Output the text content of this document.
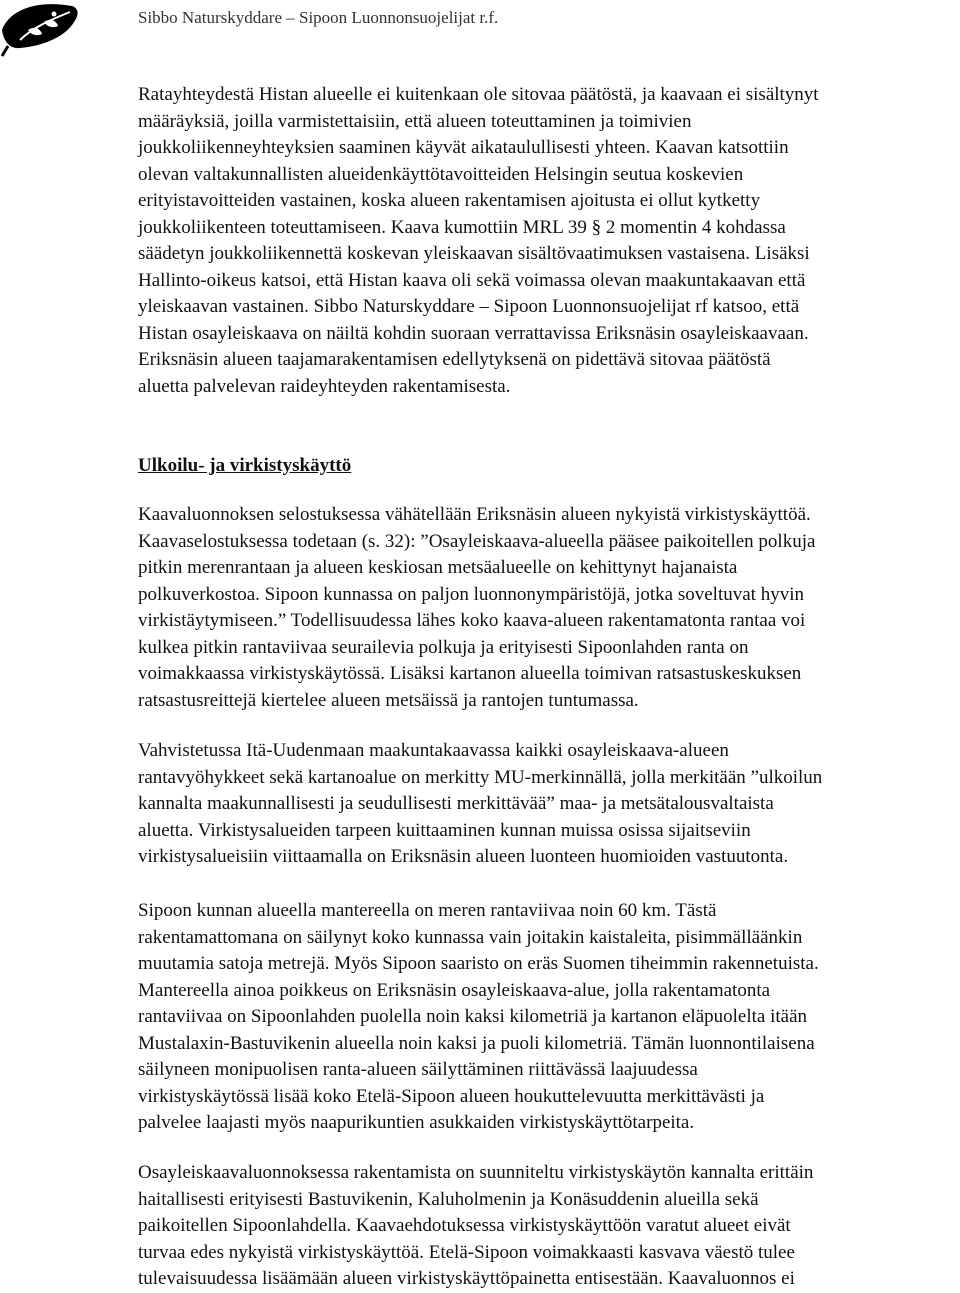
Sibbo Naturskyddare – Sipoon Luonnonsuojelijat r.f.

Ratayhteydestä Histan alueelle ei kuitenkaan ole sitovaa päätöstä, ja kaavaan ei sisältynyt
määräyksiä, joilla varmistettaisiin, että alueen toteuttaminen ja toimivien
joukkoliikenneyhteyksien saaminen käyvät aikataulullisesti yhteen. Kaavan katsottiin
olevan valtakunnallisten alueidenkäyttötavoitteiden Helsingin seutua koskevien
erityistavoitteiden vastainen, koska alueen rakentamisen ajoitusta ei ollut kytketty
joukkoliikenteen toteuttamiseen. Kaava kumottiin MRL 39 § 2 momentin 4 kohdassa
säädetyn joukkoliikennettä koskevan yleiskaavan sisältövaatimuksen vastaisena. Lisäksi
Hallinto-oikeus katsoi, että Histan kaava oli sekä voimassa olevan maakuntakaavan että
yleiskaavan vastainen. Sibbo Naturskyddare – Sipoon Luonnonsuojelijat rf katsoo, että
Histan osayleiskaava on näiltä kohdin suoraan verrattavissa Eriksnäsin osayleiskaavaan.
Eriksnäsin alueen taajamarakentamisen edellytyksenä on pidettävä sitovaa päätöstä
aluetta palvelevan raideyhteyden rakentamisesta.

Ulkoilu- ja virkistyskäyttö

Kaavaluonnoksen selostuksessa vähätellään Eriksnäsin alueen nykyistä virkistyskäyttöä.
Kaavaselostuksessa todetaan (s. 32): ”Osayleiskaava-alueella pääsee paikoitellen polkuja
pitkin merenrantaan ja alueen keskiosan metsäalueelle on kehittynyt hajanaista
polkuverkostoa. Sipoon kunnassa on paljon luonnonympäristöjä, jotka soveltuvat hyvin
virkistäytymiseen.” Todellisuudessa lähes koko kaava-alueen rakentamatonta rantaa voi
kulkea pitkin rantaviivaa seurailevia polkuja ja erityisesti Sipoonlahden ranta on
voimakkaassa virkistyskäytössä. Lisäksi kartanon alueella toimivan ratsastuskeskuksen
ratsastusreittejä kiertelee alueen metsäissä ja rantojen tuntumassa.

Vahvistetussa Itä-Uudenmaan maakuntakaavassa kaikki osayleiskaava-alueen
rantavyöhykkeet sekä kartanoalue on merkitty MU-merkinnällä, jolla merkitään ”ulkoilun
kannalta maakunnallisesti ja seudullisesti merkittävää” maa- ja metsätalousvaltaista
aluetta. Virkistysalueiden tarpeen kuittaaminen kunnan muissa osissa sijaitseviin
virkistysalueisiin viittaamalla on Eriksnäsin alueen luonteen huomioiden vastuutonta.

Sipoon kunnan alueella mantereella on meren rantaviivaa noin 60 km. Tästä
rakentamattomana on säilynyt koko kunnassa vain joitakin kaistaleita, pisimmälläänkin
muutamia satoja metrejä. Myös Sipoon saaristo on eräs Suomen tiheimmin rakennetuista.
Mantereella ainoa poikkeus on Eriksnäsin osayleiskaava-alue, jolla rakentamatonta
rantaviivaa on Sipoonlahden puolella noin kaksi kilometriä ja kartanon eläpuolelta itään
Mustalaxin-Bastuvikenin alueella noin kaksi ja puoli kilometriä. Tämän luonnontilaisena
säilyneen monipuolisen ranta-alueen säilyttäminen riittävässä laajuudessa
virkistyskäytössä lisää koko Etelä-Sipoon alueen houkuttelevuutta merkittävästi ja
palvelee laajasti myös naapurikuntien asukkaiden virkistyskäyttötarpeita.

Osayleiskaavaluonnoksessa rakentamista on suunniteltu virkistyskäytön kannalta erittäin
haitallisesti erityisesti Bastuvikenin, Kaluholmenin ja Konäsuddenin alueilla sekä
paikoitellen Sipoonlahdella. Kaavaehdotuksessa virkistyskäyttöön varatut alueet eivät
turvaa edes nykyistä virkistyskäyttöä. Etelä-Sipoon voimakkaasti kasvava väestö tulee
tulevaisuudessa lisäämään alueen virkistyskäyttöpainetta entisestään. Kaavaluonnos ei
